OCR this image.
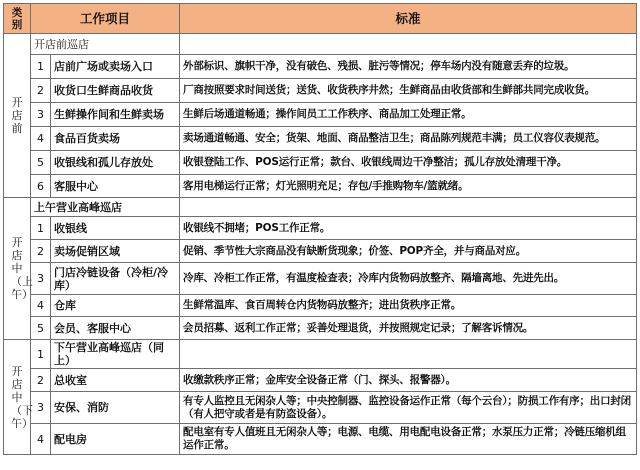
类别	工作项目		标准
开店前	开店前巡店		
	1	店前广场或卖场入口	外部标识、旗帜干净，没有破色、残损、脏污等情况；停车场内没有随意丢弃的垃圾。
	2	收货口生鲜商品收货	厂商按照要求时间送货；送货、收货秩序井然；生鲜商品由收货部和生鲜部共同完成收货。
	3	生鲜操作间和生鲜卖场	生鲜后场通道畅通；操作间员工工作秩序、商品加工处理正常。
	4	食品百货卖场	卖场通道畅通、安全；货架、地面、商品整洁卫生；商品陈列规范丰满；员工仪容仪表规范。
	5	收银线和孤儿存放处	收银登陆工作、POS运行正常；款台、收银线周边干净整洁；孤儿存放处清理干净。
	6	客服中心	客用电梯运行正常；灯光照明充足；存包/手推购物车/篮就绪。
开店中（上午）	上午营业高峰巡店		
	1	收银线	收银线不拥堵；POS工作正常。
	2	卖场促销区域	促销、季节性大宗商品没有缺断货现象；价签、POP齐全，并与商品对应。
	3	门店冷链设备（冷柜/冷库）	冷库、冷柜工作正常，有温度检查表；冷库内货物码放整齐、隔墙离地、先进先出。
	4	仓库	生鲜常温库、食百周转仓内货物码放整齐；进出货秩序正常。
	5	会员、客服中心	会员招募、返利工作正常；妥善处理退货，并按照规定记录；了解客诉情况。
开店中（下午）	1	下午营业高峰巡店（同上）	
	2	总收室	收缴款秩序正常；金库安全设备正常（门、探头、报警器）。
	3	安保、消防	有专人监控且无闲杂人等；中央控制器、监控设备运作正常（每个云台）；防损工作有序；出口封闭（有人把守或者是有防盗设备）。
	4	配电房	配电室有专人值班且无闲杂人等；电源、电缆、用电配电设备正常；水泵压力正常；冷链压缩机组运作正常。
